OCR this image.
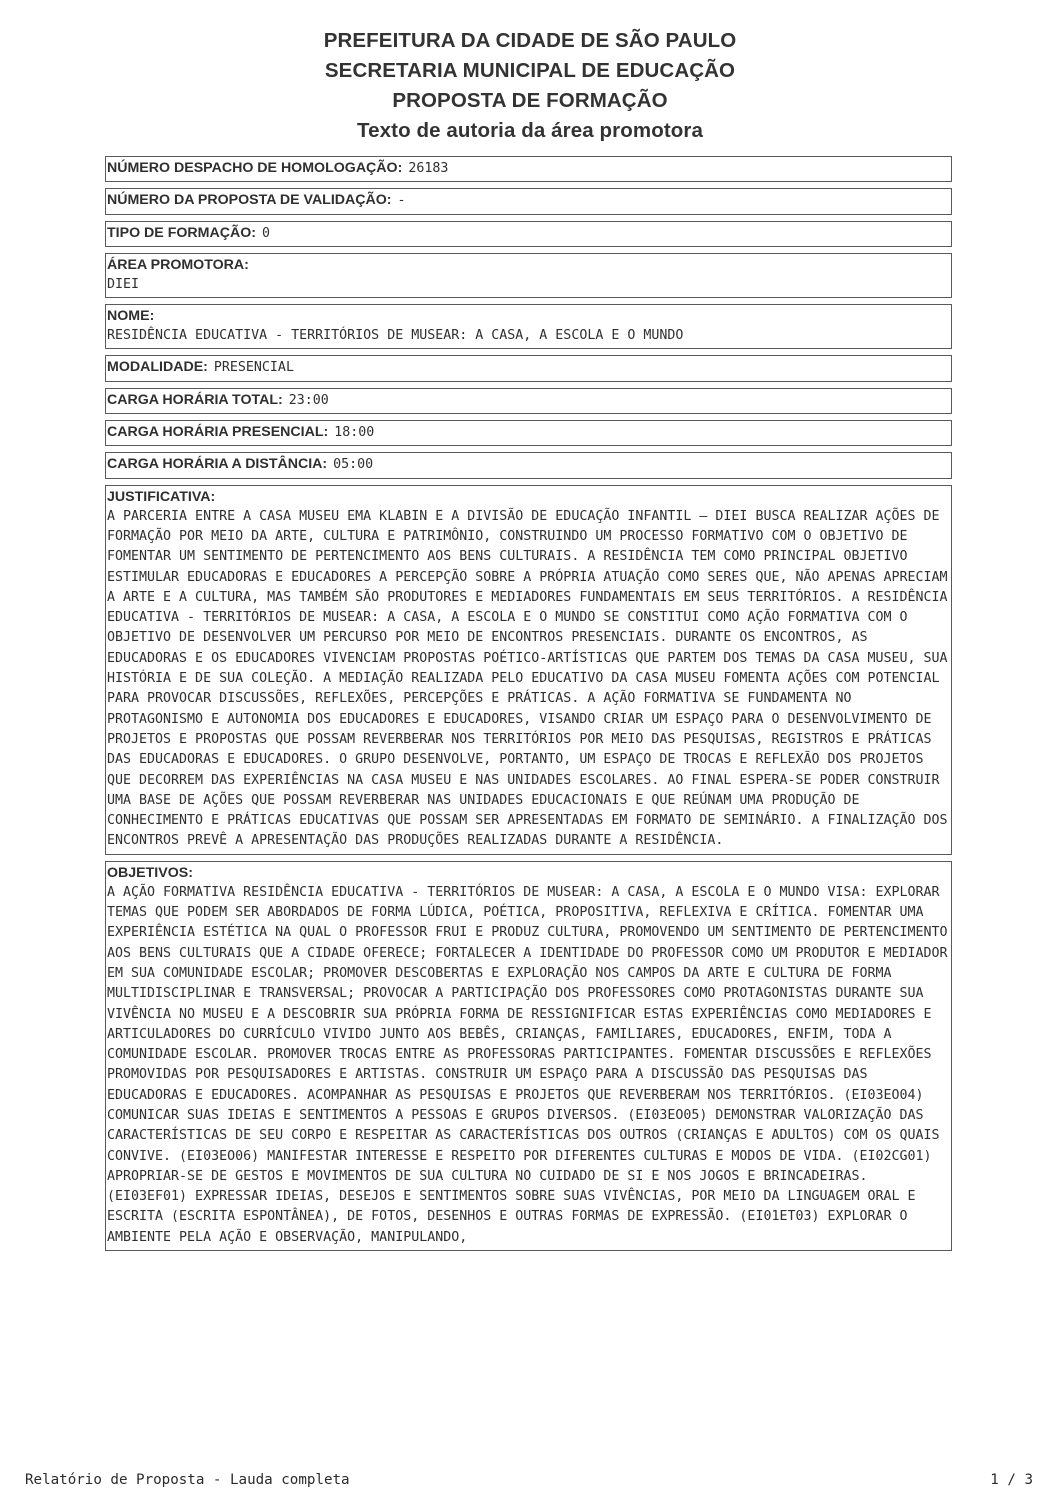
PREFEITURA DA CIDADE DE SÃO PAULO
SECRETARIA MUNICIPAL DE EDUCAÇÃO
PROPOSTA DE FORMAÇÃO
Texto de autoria da área promotora
NÚMERO DESPACHO DE HOMOLOGAÇÃO: 26183
NÚMERO DA PROPOSTA DE VALIDAÇÃO: -
TIPO DE FORMAÇÃO: 0
ÁREA PROMOTORA:
DIEI
NOME:
RESIDÊNCIA EDUCATIVA - TERRITÓRIOS DE MUSEAR: A CASA, A ESCOLA E O MUNDO
MODALIDADE: PRESENCIAL
CARGA HORÁRIA TOTAL: 23:00
CARGA HORÁRIA PRESENCIAL: 18:00
CARGA HORÁRIA A DISTÂNCIA: 05:00
JUSTIFICATIVA:
A PARCERIA ENTRE A CASA MUSEU EMA KLABIN E A DIVISÃO DE EDUCAÇÃO INFANTIL — DIEI BUSCA REALIZAR AÇÕES DE FORMAÇÃO POR MEIO DA ARTE, CULTURA E PATRIMÔNIO, CONSTRUINDO UM PROCESSO FORMATIVO COM O OBJETIVO DE FOMENTAR UM SENTIMENTO DE PERTENCIMENTO AOS BENS CULTURAIS. A RESIDÊNCIA TEM COMO PRINCIPAL OBJETIVO ESTIMULAR EDUCADORAS E EDUCADORES A PERCEPÇÃO SOBRE A PRÓPRIA ATUAÇÃO COMO SERES QUE, NÃO APENAS APRECIAM A ARTE E A CULTURA, MAS TAMBÉM SÃO PRODUTORES E MEDIADORES FUNDAMENTAIS EM SEUS TERRITÓRIOS. A RESIDÊNCIA EDUCATIVA - TERRITÓRIOS DE MUSEAR: A CASA, A ESCOLA E O MUNDO SE CONSTITUI COMO AÇÃO FORMATIVA COM O OBJETIVO DE DESENVOLVER UM PERCURSO POR MEIO DE ENCONTROS PRESENCIAIS. DURANTE OS ENCONTROS, AS EDUCADORAS E OS EDUCADORES VIVENCIAM PROPOSTAS POÉTICO-ARTÍSTICAS QUE PARTEM DOS TEMAS DA CASA MUSEU, SUA HISTÓRIA E DE SUA COLEÇÃO. A MEDIAÇÃO REALIZADA PELO EDUCATIVO DA CASA MUSEU FOMENTA AÇÕES COM POTENCIAL PARA PROVOCAR DISCUSSÕES, REFLEXÕES, PERCEPÇÕES E PRÁTICAS. A AÇÃO FORMATIVA SE FUNDAMENTA NO PROTAGONISMO E AUTONOMIA DOS EDUCADORES E EDUCADORES, VISANDO CRIAR UM ESPAÇO PARA O DESENVOLVIMENTO DE PROJETOS E PROPOSTAS QUE POSSAM REVERBERAR NOS TERRITÓRIOS POR MEIO DAS PESQUISAS, REGISTROS E PRÁTICAS DAS EDUCADORAS E EDUCADORES. O GRUPO DESENVOLVE, PORTANTO, UM ESPAÇO DE TROCAS E REFLEXÃO DOS PROJETOS QUE DECORREM DAS EXPERIÊNCIAS NA CASA MUSEU E NAS UNIDADES ESCOLARES. AO FINAL ESPERA-SE PODER CONSTRUIR UMA BASE DE AÇÕES QUE POSSAM REVERBERAR NAS UNIDADES EDUCACIONAIS E QUE REÚNAM UMA PRODUÇÃO DE CONHECIMENTO E PRÁTICAS EDUCATIVAS QUE POSSAM SER APRESENTADAS EM FORMATO DE SEMINÁRIO. A FINALIZAÇÃO DOS ENCONTROS PREVÊ A APRESENTAÇÃO DAS PRODUÇÕES REALIZADAS DURANTE A RESIDÊNCIA.
OBJETIVOS:
A AÇÃO FORMATIVA RESIDÊNCIA EDUCATIVA - TERRITÓRIOS DE MUSEAR: A CASA, A ESCOLA E O MUNDO VISA: EXPLORAR TEMAS QUE PODEM SER ABORDADOS DE FORMA LÚDICA, POÉTICA, PROPOSITIVA, REFLEXIVA E CRÍTICA. FOMENTAR UMA EXPERIÊNCIA ESTÉTICA NA QUAL O PROFESSOR FRUI E PRODUZ CULTURA, PROMOVENDO UM SENTIMENTO DE PERTENCIMENTO AOS BENS CULTURAIS QUE A CIDADE OFERECE; FORTALECER A IDENTIDADE DO PROFESSOR COMO UM PRODUTOR E MEDIADOR EM SUA COMUNIDADE ESCOLAR; PROMOVER DESCOBERTAS E EXPLORAÇÃO NOS CAMPOS DA ARTE E CULTURA DE FORMA MULTIDISCIPLINAR E TRANSVERSAL; PROVOCAR A PARTICIPAÇÃO DOS PROFESSORES COMO PROTAGONISTAS DURANTE SUA VIVÊNCIA NO MUSEU E A DESCOBRIR SUA PRÓPRIA FORMA DE RESSIGNIFICAR ESTAS EXPERIÊNCIAS COMO MEDIADORES E ARTICULADORES DO CURRÍCULO VIVIDO JUNTO AOS BEBÊS, CRIANÇAS, FAMILIARES, EDUCADORES, ENFIM, TODA A COMUNIDADE ESCOLAR. PROMOVER TROCAS ENTRE AS PROFESSORAS PARTICIPANTES. FOMENTAR DISCUSSÕES E REFLEXÕES PROMOVIDAS POR PESQUISADORES E ARTISTAS. CONSTRUIR UM ESPAÇO PARA A DISCUSSÃO DAS PESQUISAS DAS EDUCADORAS E EDUCADORES. ACOMPANHAR AS PESQUISAS E PROJETOS QUE REVERBERAM NOS TERRITÓRIOS. (EI03EO04) COMUNICAR SUAS IDEIAS E SENTIMENTOS A PESSOAS E GRUPOS DIVERSOS. (EI03EO05) DEMONSTRAR VALORIZAÇÃO DAS CARACTERÍSTICAS DE SEU CORPO E RESPEITAR AS CARACTERÍSTICAS DOS OUTROS (CRIANÇAS E ADULTOS) COM OS QUAIS CONVIVE. (EI03EO06) MANIFESTAR INTERESSE E RESPEITO POR DIFERENTES CULTURAS E MODOS DE VIDA. (EI02CG01) APROPRIAR-SE DE GESTOS E MOVIMENTOS DE SUA CULTURA NO CUIDADO DE SI E NOS JOGOS E BRINCADEIRAS. (EI03EF01) EXPRESSAR IDEIAS, DESEJOS E SENTIMENTOS SOBRE SUAS VIVÊNCIAS, POR MEIO DA LINGUAGEM ORAL E ESCRITA (ESCRITA ESPONTÂNEA), DE FOTOS, DESENHOS E OUTRAS FORMAS DE EXPRESSÃO. (EI01ET03) EXPLORAR O AMBIENTE PELA AÇÃO E OBSERVAÇÃO, MANIPULANDO,
Relatório de Proposta - Lauda completa	1 / 3
